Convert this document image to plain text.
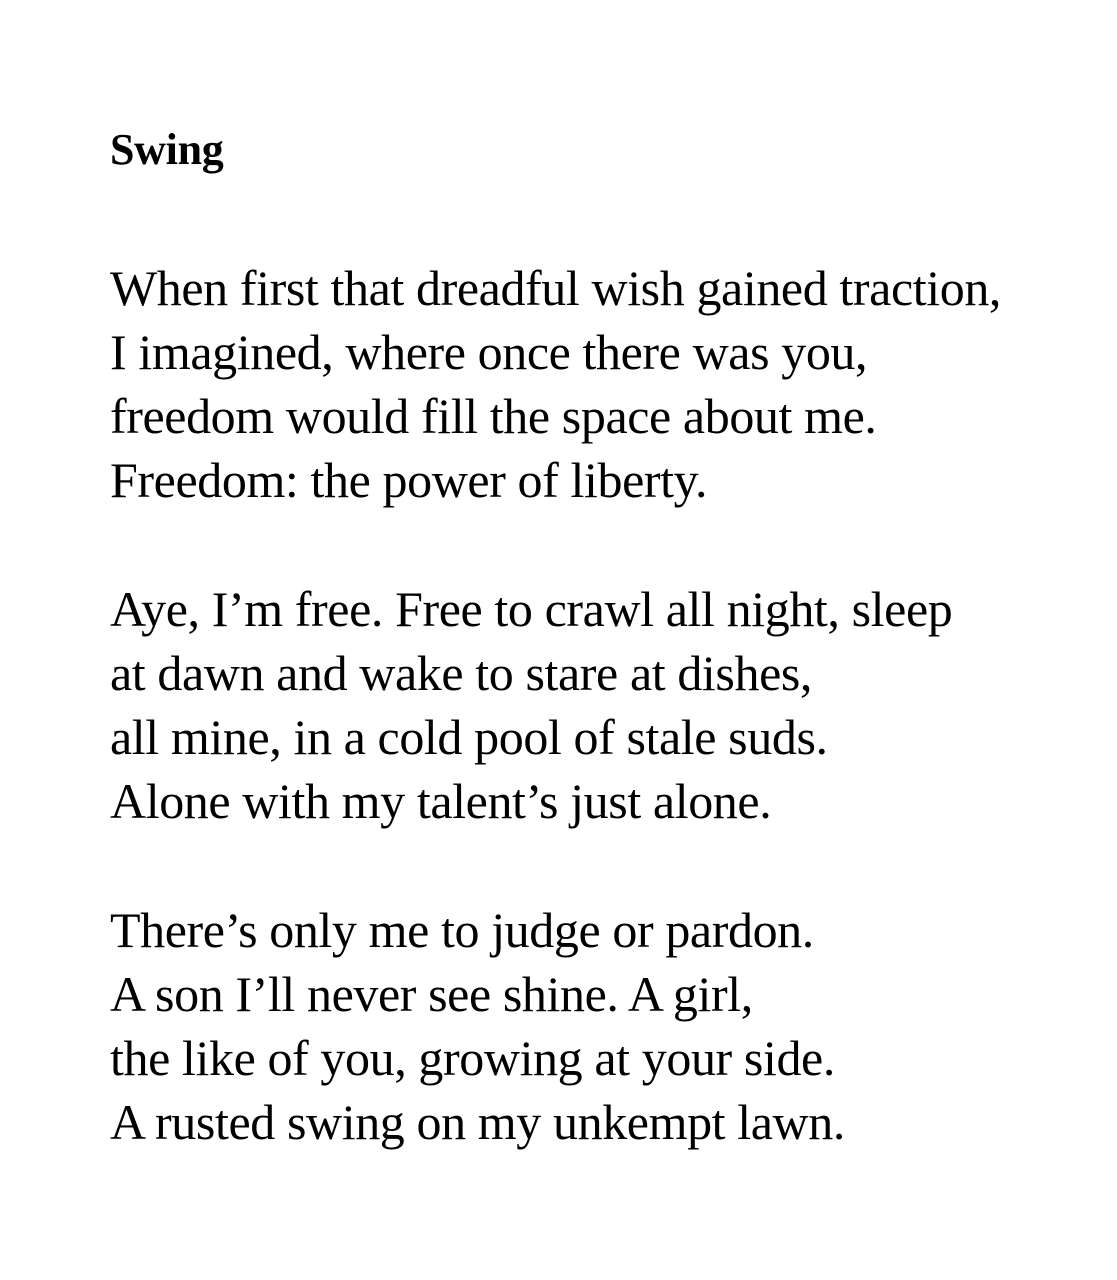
Swing
When first that dreadful wish gained traction,
I imagined, where once there was you,
freedom would fill the space about me.
Freedom: the power of liberty.
Aye, I’m free. Free to crawl all night, sleep
at dawn and wake to stare at dishes,
all mine, in a cold pool of stale suds.
Alone with my talent’s just alone.
There’s only me to judge or pardon.
A son I’ll never see shine. A girl,
the like of you, growing at your side.
A rusted swing on my unkempt lawn.
